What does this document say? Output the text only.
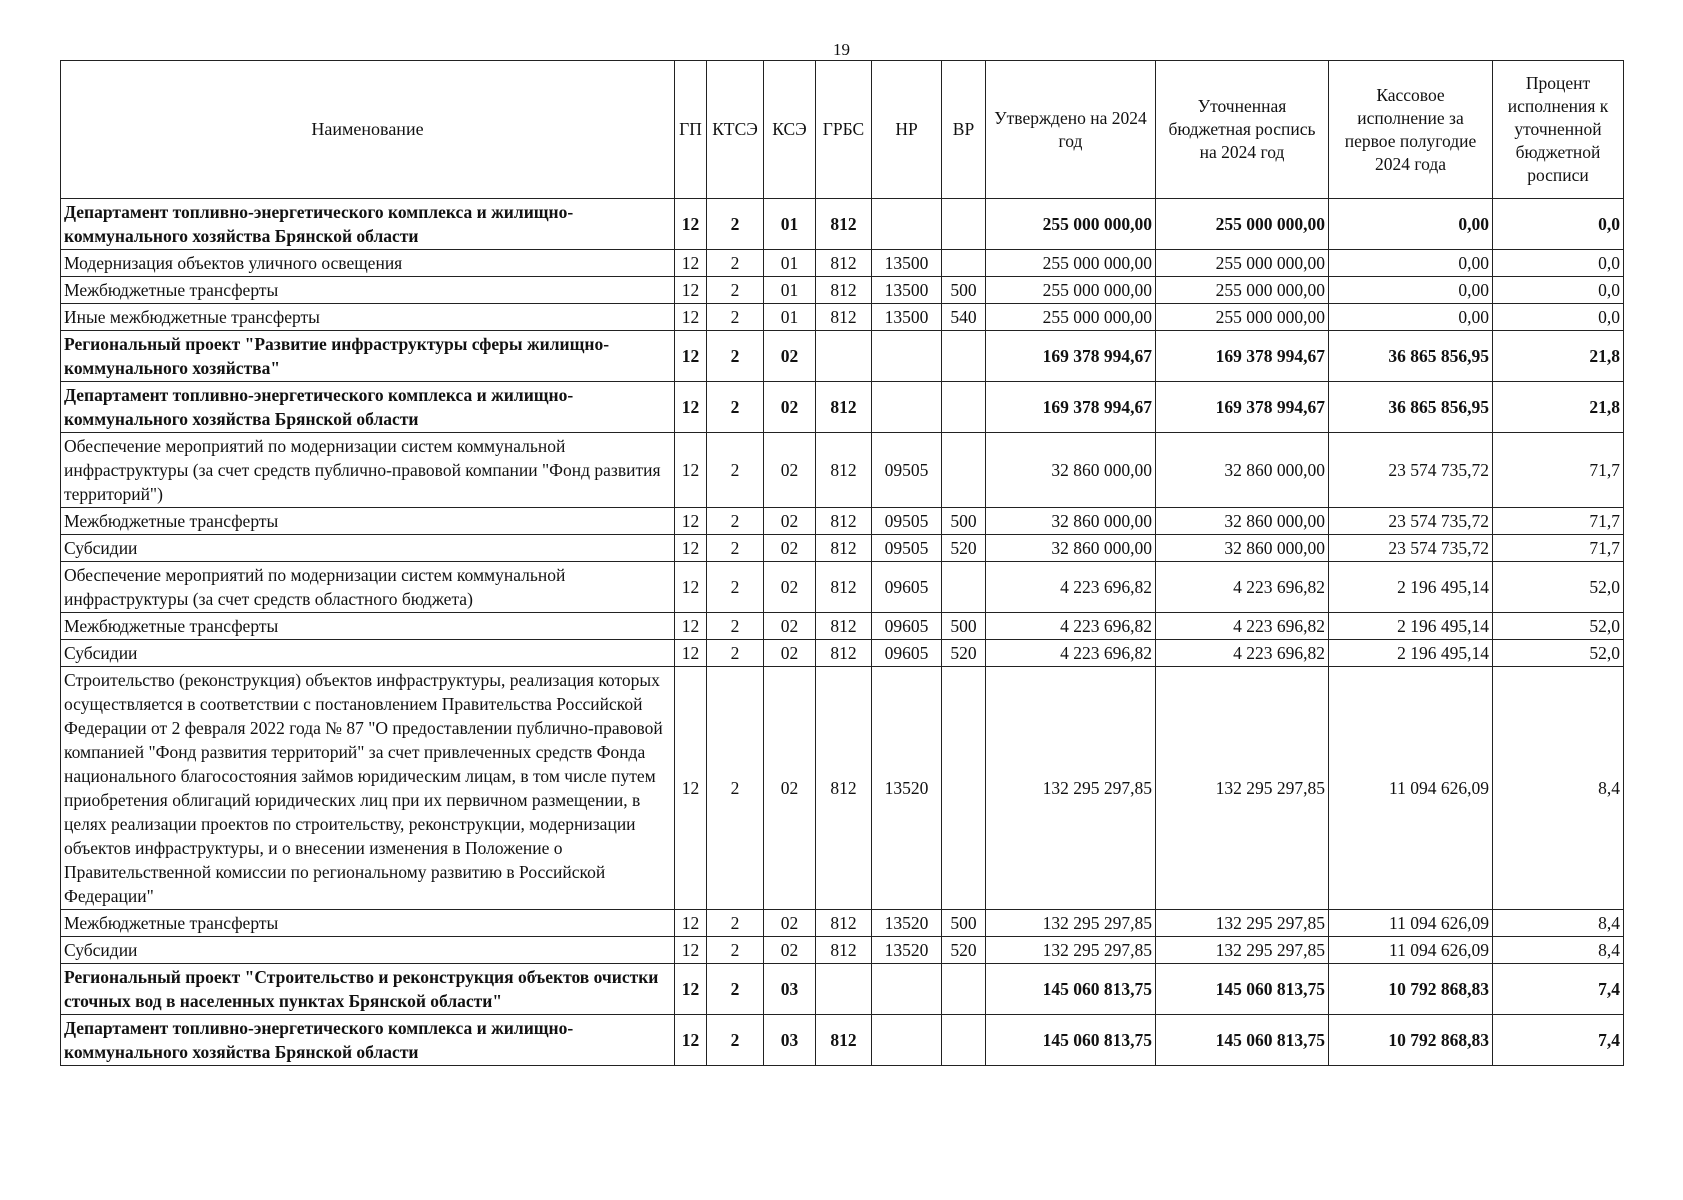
19
Наименование	ГП	КТСЭ	КСЭ	ГРБС	НР	ВР	Утверждено на 2024 год	Уточненная бюджетная роспись на 2024 год	Кассовое исполнение за первое полугодие 2024 года	Процент исполнения к уточненной бюджетной росписи
Департамент топливно-энергетического комплекса и жилищно-коммунального хозяйства Брянской области	12	2	01	812			255 000 000,00	255 000 000,00	0,00	0,0
Модернизация объектов уличного освещения	12	2	01	812	13500		255 000 000,00	255 000 000,00	0,00	0,0
Межбюджетные трансферты	12	2	01	812	13500	500	255 000 000,00	255 000 000,00	0,00	0,0
Иные межбюджетные трансферты	12	2	01	812	13500	540	255 000 000,00	255 000 000,00	0,00	0,0
Региональный проект "Развитие инфраструктуры сферы жилищно-коммунального хозяйства"	12	2	02				169 378 994,67	169 378 994,67	36 865 856,95	21,8
Департамент топливно-энергетического комплекса и жилищно-коммунального хозяйства Брянской области	12	2	02	812			169 378 994,67	169 378 994,67	36 865 856,95	21,8
Обеспечение мероприятий по модернизации систем коммунальной инфраструктуры (за счет средств публично-правовой компании "Фонд развития территорий")	12	2	02	812	09505		32 860 000,00	32 860 000,00	23 574 735,72	71,7
Межбюджетные трансферты	12	2	02	812	09505	500	32 860 000,00	32 860 000,00	23 574 735,72	71,7
Субсидии	12	2	02	812	09505	520	32 860 000,00	32 860 000,00	23 574 735,72	71,7
Обеспечение мероприятий по модернизации систем коммунальной инфраструктуры (за счет средств областного бюджета)	12	2	02	812	09605		4 223 696,82	4 223 696,82	2 196 495,14	52,0
Межбюджетные трансферты	12	2	02	812	09605	500	4 223 696,82	4 223 696,82	2 196 495,14	52,0
Субсидии	12	2	02	812	09605	520	4 223 696,82	4 223 696,82	2 196 495,14	52,0
Строительство (реконструкция) объектов инфраструктуры, реализация которых осуществляется в соответствии с постановлением Правительства Российской Федерации от 2 февраля 2022 года № 87 "О предоставлении публично-правовой компанией "Фонд развития территорий" за счет привлеченных средств Фонда национального благосостояния займов юридическим лицам, в том числе путем приобретения облигаций юридических лиц при их первичном размещении, в целях реализации проектов по строительству, реконструкции, модернизации объектов инфраструктуры, и о внесении изменения в Положение о Правительственной комиссии по региональному развитию в Российской Федерации"	12	2	02	812	13520		132 295 297,85	132 295 297,85	11 094 626,09	8,4
Межбюджетные трансферты	12	2	02	812	13520	500	132 295 297,85	132 295 297,85	11 094 626,09	8,4
Субсидии	12	2	02	812	13520	520	132 295 297,85	132 295 297,85	11 094 626,09	8,4
Региональный проект "Строительство и реконструкция объектов очистки сточных вод в населенных пунктах Брянской области"	12	2	03				145 060 813,75	145 060 813,75	10 792 868,83	7,4
Департамент топливно-энергетического комплекса и жилищно-коммунального хозяйства Брянской области	12	2	03	812			145 060 813,75	145 060 813,75	10 792 868,83	7,4
